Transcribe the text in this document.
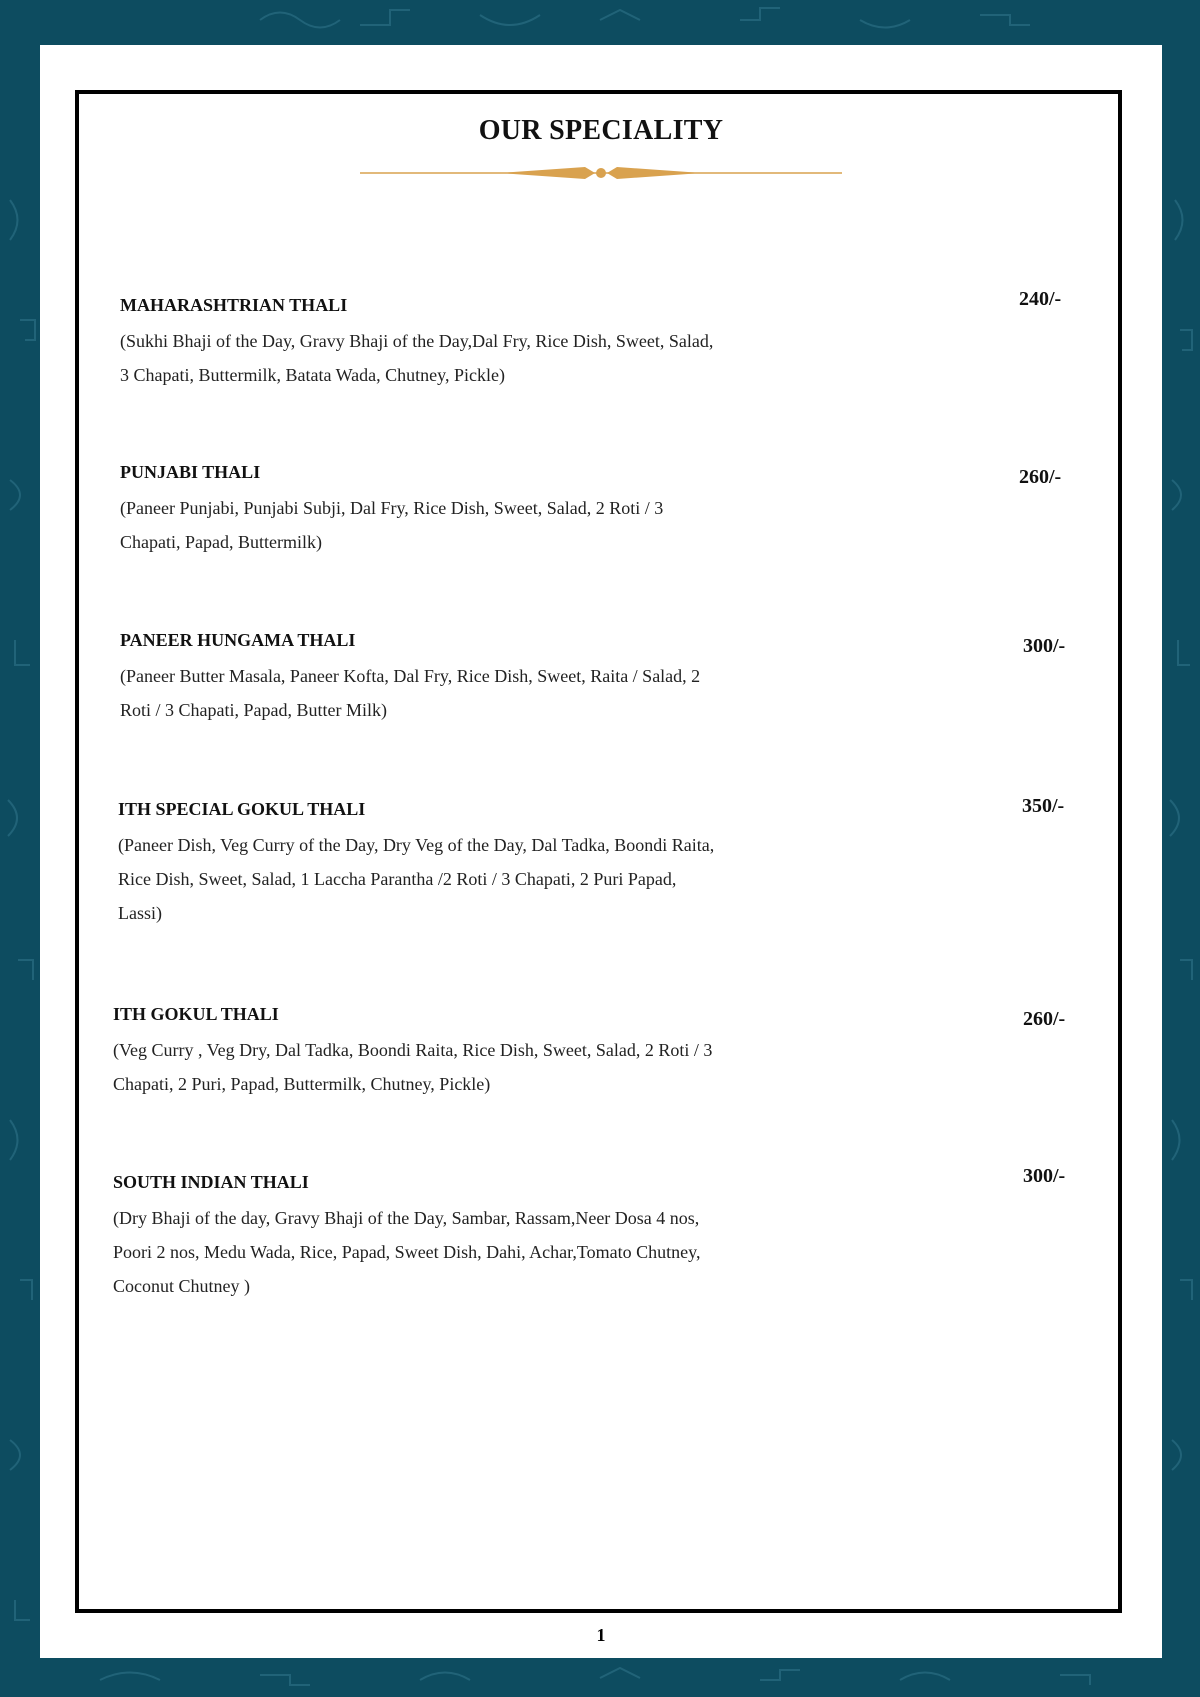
OUR SPECIALITY
MAHARASHTRIAN THALI
(Sukhi Bhaji of the Day, Gravy Bhaji of the Day,Dal Fry, Rice Dish, Sweet, Salad, 3 Chapati, Buttermilk, Batata Wada, Chutney, Pickle)
240/-
PUNJABI THALI
(Paneer Punjabi, Punjabi Subji, Dal Fry, Rice Dish, Sweet, Salad, 2 Roti / 3 Chapati, Papad, Buttermilk)
260/-
PANEER HUNGAMA THALI
(Paneer Butter Masala, Paneer Kofta, Dal Fry, Rice Dish, Sweet, Raita / Salad, 2 Roti / 3 Chapati, Papad, Butter Milk)
300/-
ITH SPECIAL GOKUL THALI
(Paneer Dish, Veg Curry of the Day, Dry Veg of the Day, Dal Tadka, Boondi Raita, Rice Dish, Sweet, Salad, 1 Laccha Parantha /2 Roti / 3 Chapati, 2 Puri Papad, Lassi)
350/-
ITH GOKUL THALI
(Veg Curry , Veg Dry, Dal Tadka, Boondi Raita, Rice Dish, Sweet, Salad, 2 Roti / 3 Chapati, 2 Puri, Papad, Buttermilk, Chutney, Pickle)
260/-
SOUTH INDIAN THALI
(Dry Bhaji of the day, Gravy Bhaji of the Day, Sambar, Rassam,Neer Dosa 4 nos, Poori 2 nos, Medu Wada, Rice, Papad, Sweet Dish, Dahi, Achar,Tomato Chutney, Coconut Chutney )
300/-
1
